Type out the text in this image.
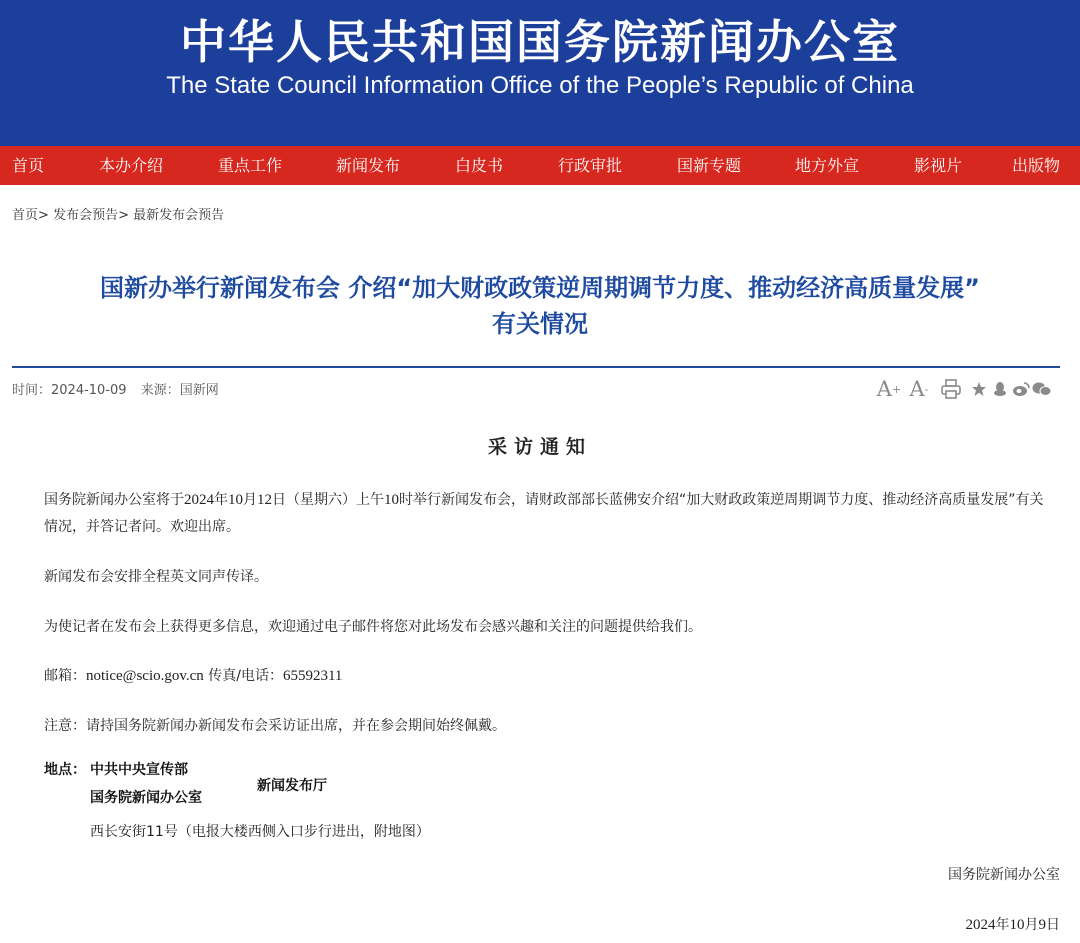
中华人民共和国国务院新闻办公室
The State Council Information Office of the People’s Republic of China
首页	本办介绍	重点工作	新闻发布	白皮书	行政审批	国新专题	地方外宣	影视片	出版物
首页> 发布会预告> 最新发布会预告
国新办举行新闻发布会 介绍“加大财政政策逆周期调节力度、推动经济高质量发展”
有关情况
时间：2024-10-09 来源：国新网	A + A -
采访通知
国务院新闻办公室将于2024年10月12日（星期六）上午10时举行新闻发布会，请财政部部长蓝佛安介绍“加大财政政策逆周期调节力度、推动经济高质量发展”有关情况，并答记者问。欢迎出席。
新闻发布会安排全程英文同声传译。
为使记者在发布会上获得更多信息，欢迎通过电子邮件将您对此场发布会感兴趣和关注的问题提供给我们。
邮箱：notice@scio.gov.cn 传真/电话：65592311
注意：请持国务院新闻办新闻发布会采访证出席，并在参会期间始终佩戴。
地点： 中共中央宣传部
国务院新闻办公室
新闻发布厅
西长安街11号（电报大楼西侧入口步行进出，附地图）
国务院新闻办公室
2024年10月9日
